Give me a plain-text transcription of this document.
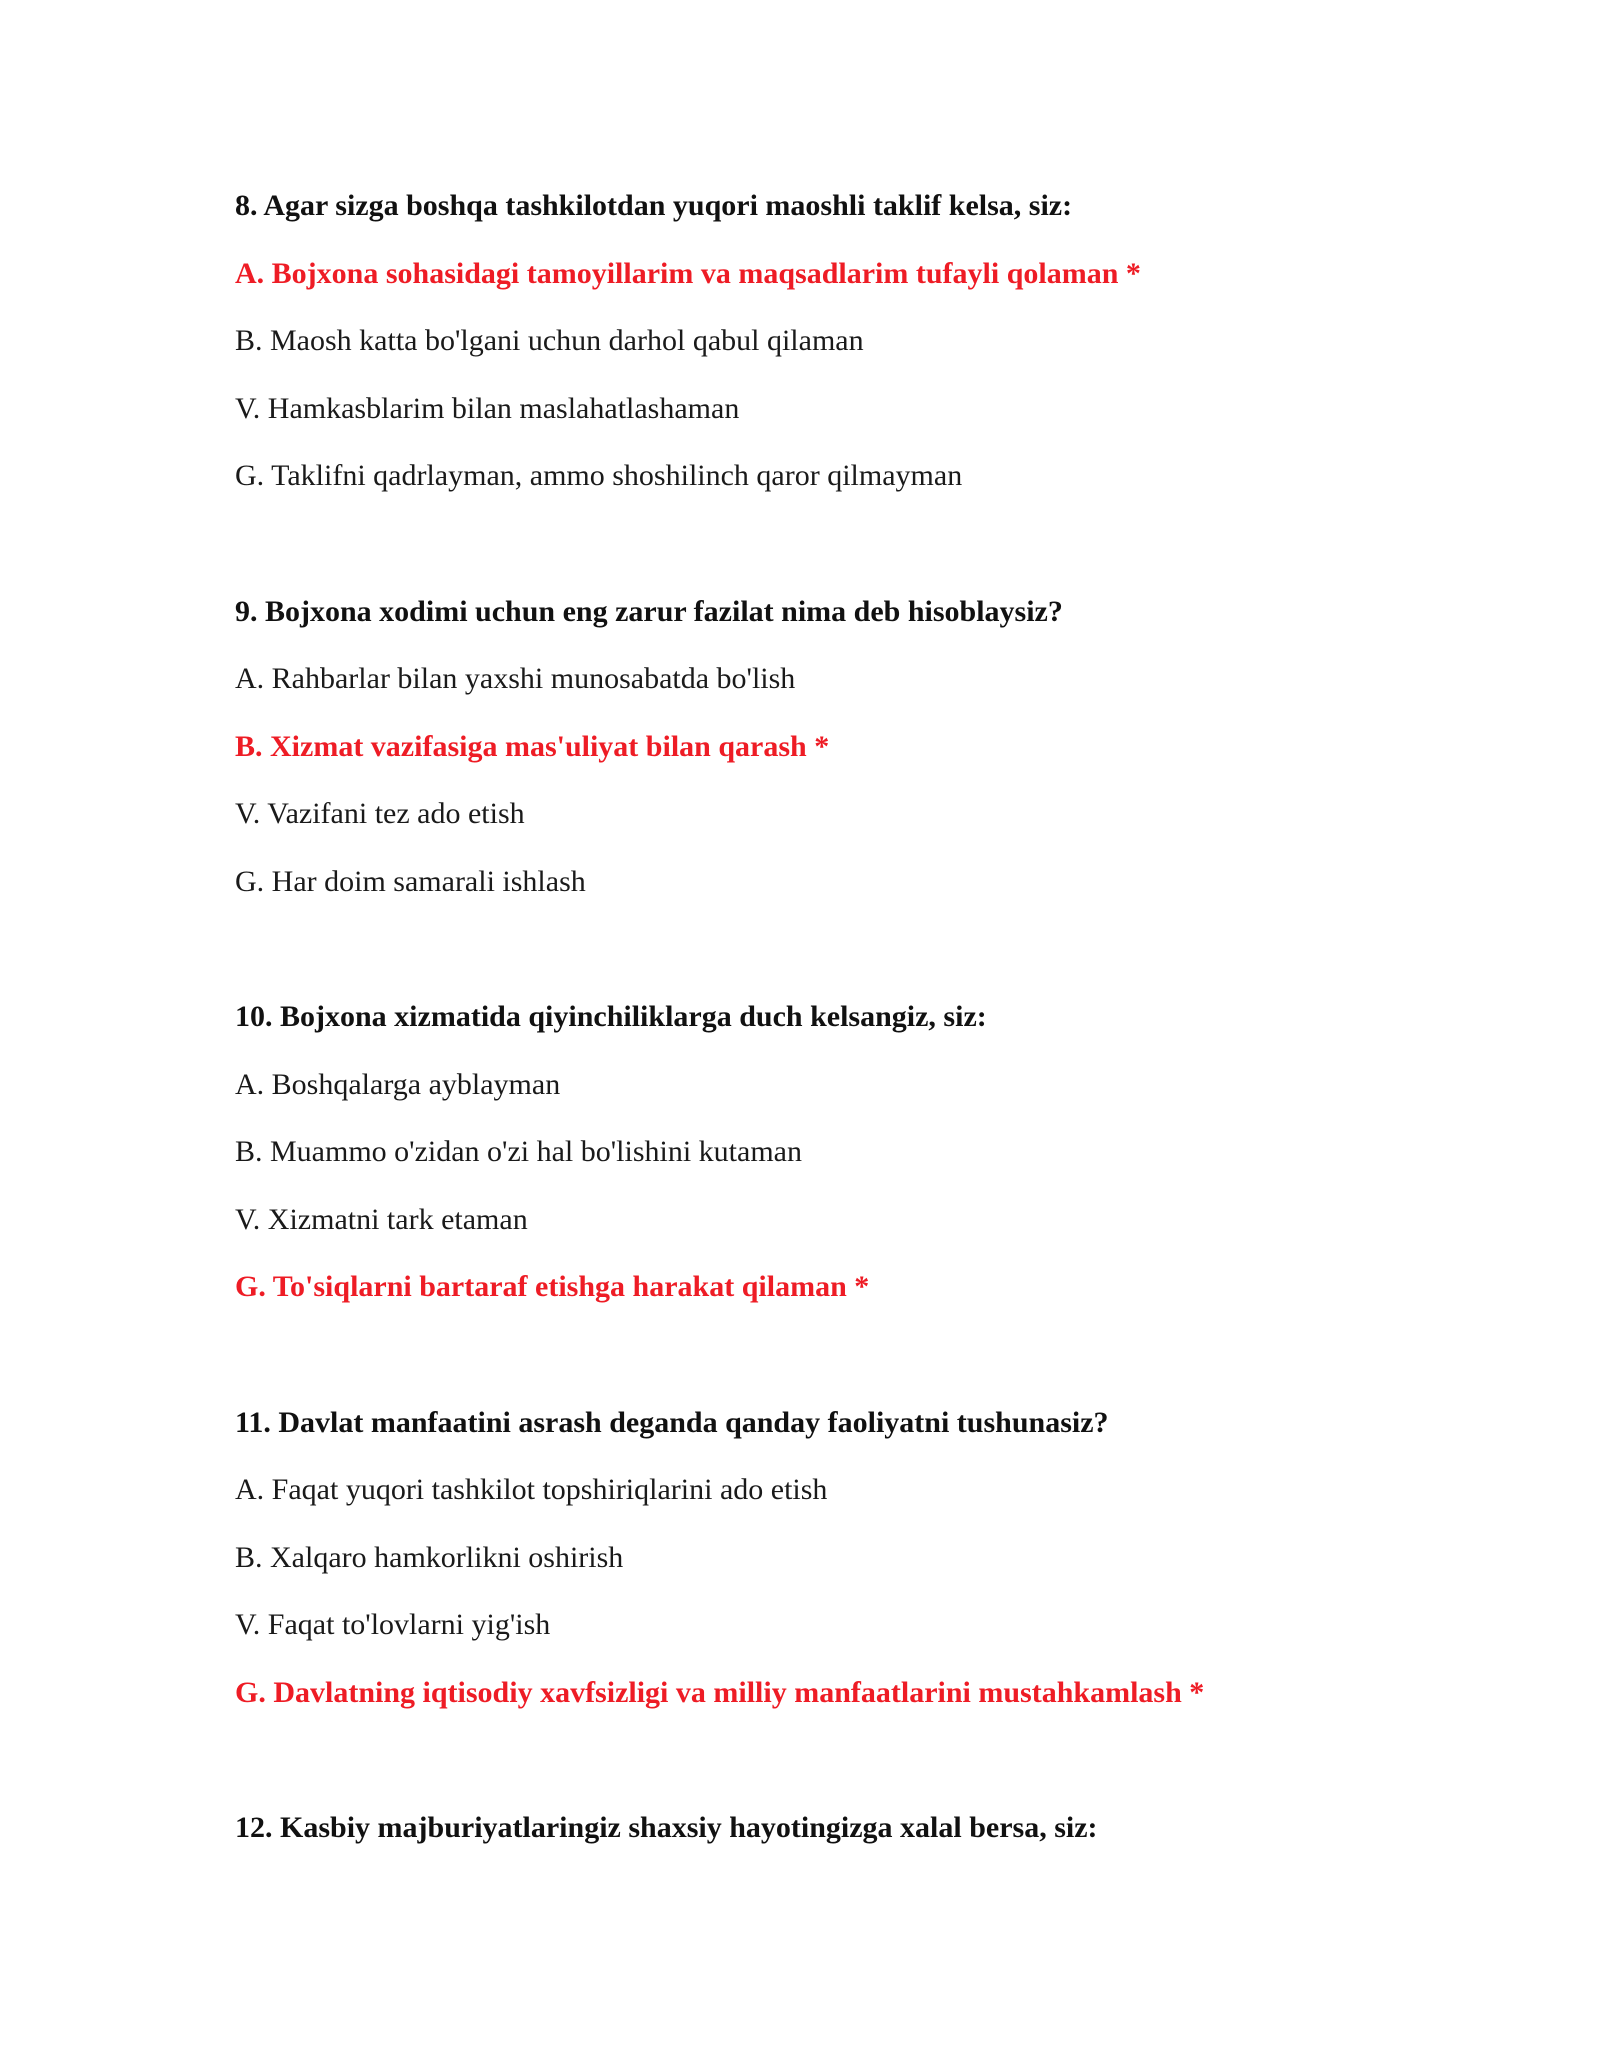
8. Agar sizga boshqa tashkilotdan yuqori maoshli taklif kelsa, siz:
A. Bojxona sohasidagi tamoyillarim va maqsadlarim tufayli qolaman *
B. Maosh katta bo'lgani uchun darhol qabul qilaman
V. Hamkasblarim bilan maslahatlashaman
G. Taklifni qadrlayman, ammo shoshilinch qaror qilmayman
9. Bojxona xodimi uchun eng zarur fazilat nima deb hisoblaysiz?
A. Rahbarlar bilan yaxshi munosabatda bo'lish
B. Xizmat vazifasiga mas'uliyat bilan qarash *
V. Vazifani tez ado etish
G. Har doim samarali ishlash
10. Bojxona xizmatida qiyinchiliklarga duch kelsangiz, siz:
A. Boshqalarga ayblayman
B. Muammo o'zidan o'zi hal bo'lishini kutaman
V. Xizmatni tark etaman
G. To'siqlarni bartaraf etishga harakat qilaman *
11. Davlat manfaatini asrash deganda qanday faoliyatni tushunasiz?
A. Faqat yuqori tashkilot topshiriqlarini ado etish
B. Xalqaro hamkorlikni oshirish
V. Faqat to'lovlarni yig'ish
G. Davlatning iqtisodiy xavfsizligi va milliy manfaatlarini mustahkamlash *
12. Kasbiy majburiyatlaringiz shaxsiy hayotingizga xalal bersa, siz:
